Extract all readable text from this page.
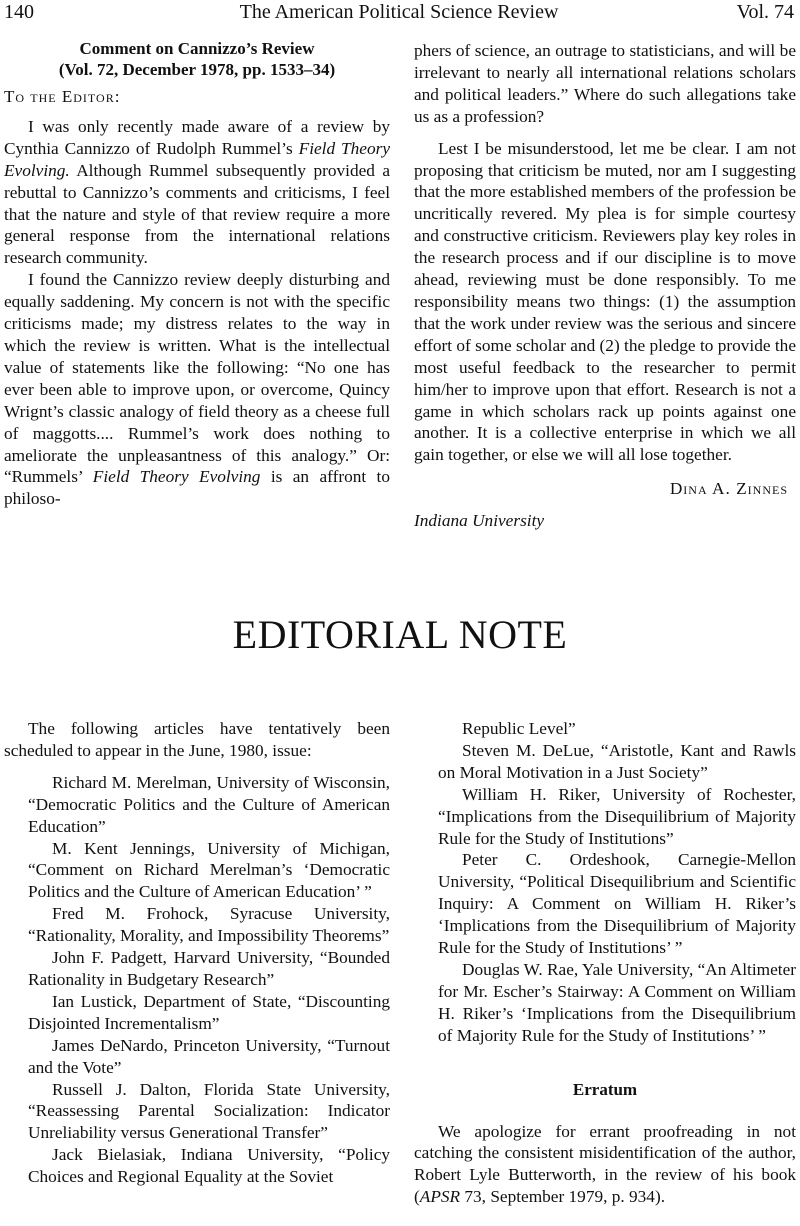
140	The American Political Science Review	Vol. 74
Comment on Cannizzo’s Review
(Vol. 72, December 1978, pp. 1533–34)
To the Editor:

I was only recently made aware of a review by Cynthia Cannizzo of Rudolph Rummel’s Field Theory Evolving. Although Rummel subsequently provided a rebuttal to Cannizzo’s comments and criticisms, I feel that the nature and style of that review require a more general response from the international relations research community.

I found the Cannizzo review deeply disturbing and equally saddening. My concern is not with the specific criticisms made; my distress relates to the way in which the review is written. What is the intellectual value of statements like the following: “No one has ever been able to improve upon, or overcome, Quincy Wrignt’s classic analogy of field theory as a cheese full of maggotts.... Rummel’s work does nothing to ameliorate the unpleasantness of this analogy.” Or: “Rummels’ Field Theory Evolving is an affront to philoso-

phers of science, an outrage to statisticians, and will be irrelevant to nearly all international relations scholars and political leaders.” Where do such allegations take us as a profession?

Lest I be misunderstood, let me be clear. I am not proposing that criticism be muted, nor am I suggesting that the more established members of the profession be uncritically revered. My plea is for simple courtesy and constructive criticism. Reviewers play key roles in the research process and if our discipline is to move ahead, reviewing must be done responsibly. To me responsibility means two things: (1) the assumption that the work under review was the serious and sincere effort of some scholar and (2) the pledge to provide the most useful feedback to the researcher to permit him/her to improve upon that effort. Research is not a game in which scholars rack up points against one another. It is a collective enterprise in which we all gain together, or else we will all lose together.

Dina A. Zinnes
Indiana University
EDITORIAL NOTE

The following articles have tentatively been scheduled to appear in the June, 1980, issue:

Richard M. Merelman, University of Wisconsin, “Democratic Politics and the Culture of American Education”

M. Kent Jennings, University of Michigan, “Comment on Richard Merelman’s ‘Democratic Politics and the Culture of American Education’ ”

Fred M. Frohock, Syracuse University, “Rationality, Morality, and Impossibility Theorems”

John F. Padgett, Harvard University, “Bounded Rationality in Budgetary Research”

Ian Lustick, Department of State, “Discounting Disjointed Incrementalism”

James DeNardo, Princeton University, “Turnout and the Vote”

Russell J. Dalton, Florida State University, “Reassessing Parental Socialization: Indicator Unreliability versus Generational Transfer”

Jack Bielasiak, Indiana University, “Policy Choices and Regional Equality at the Soviet

Republic Level”

Steven M. DeLue, “Aristotle, Kant and Rawls on Moral Motivation in a Just Society”

William H. Riker, University of Rochester, “Implications from the Disequilibrium of Majority Rule for the Study of Institutions”

Peter C. Ordeshook, Carnegie-Mellon University, “Political Disequilibrium and Scientific Inquiry: A Comment on William H. Riker’s ‘Implications from the Disequilibrium of Majority Rule for the Study of Institutions’ ”

Douglas W. Rae, Yale University, “An Altimeter for Mr. Escher’s Stairway: A Comment on William H. Riker’s ‘Implications from the Disequilibrium of Majority Rule for the Study of Institutions’ ”

Erratum

We apologize for errant proofreading in not catching the consistent misidentification of the author, Robert Lyle Butterworth, in the review of his book (APSR 73, September 1979, p. 934).
